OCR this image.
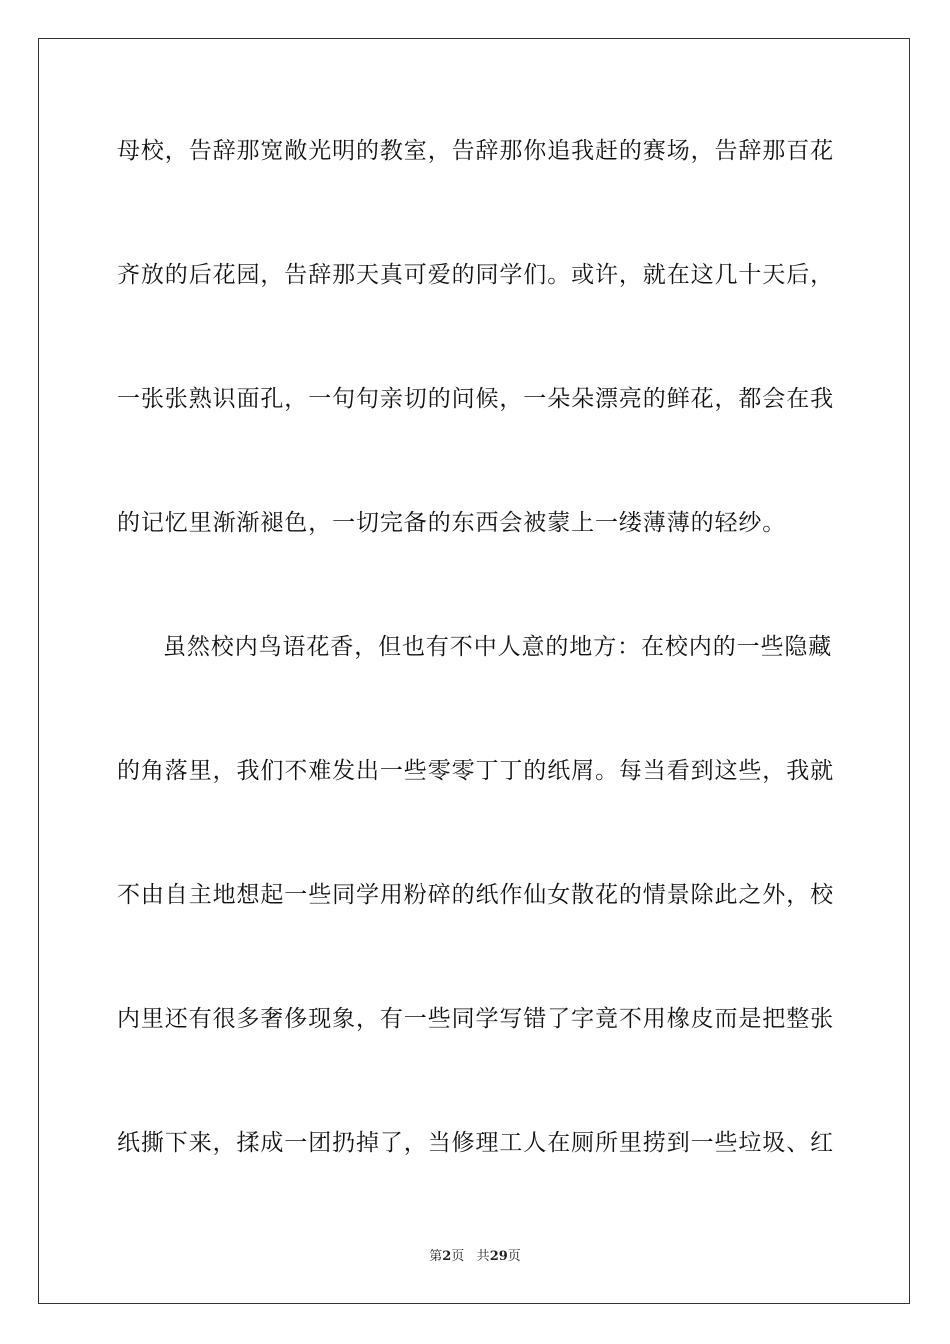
母校，告辞那宽敞光明的教室，告辞那你追我赶的赛场，告辞那百花
齐放的后花园，告辞那天真可爱的同学们。或许，就在这几十天后，
一张张熟识面孔，一句句亲切的问候，一朵朵漂亮的鲜花，都会在我
的记忆里渐渐褪色，一切完备的东西会被蒙上一缕薄薄的轻纱。
虽然校内鸟语花香，但也有不中人意的地方：在校内的一些隐藏
的角落里，我们不难发出一些零零丁丁的纸屑。每当看到这些，我就
不由自主地想起一些同学用粉碎的纸作仙女散花的情景除此之外，校
内里还有很多奢侈现象，有一些同学写错了字竟不用橡皮而是把整张
纸撕下来，揉成一团扔掉了，当修理工人在厕所里捞到一些垃圾、红
第2页 共29页
